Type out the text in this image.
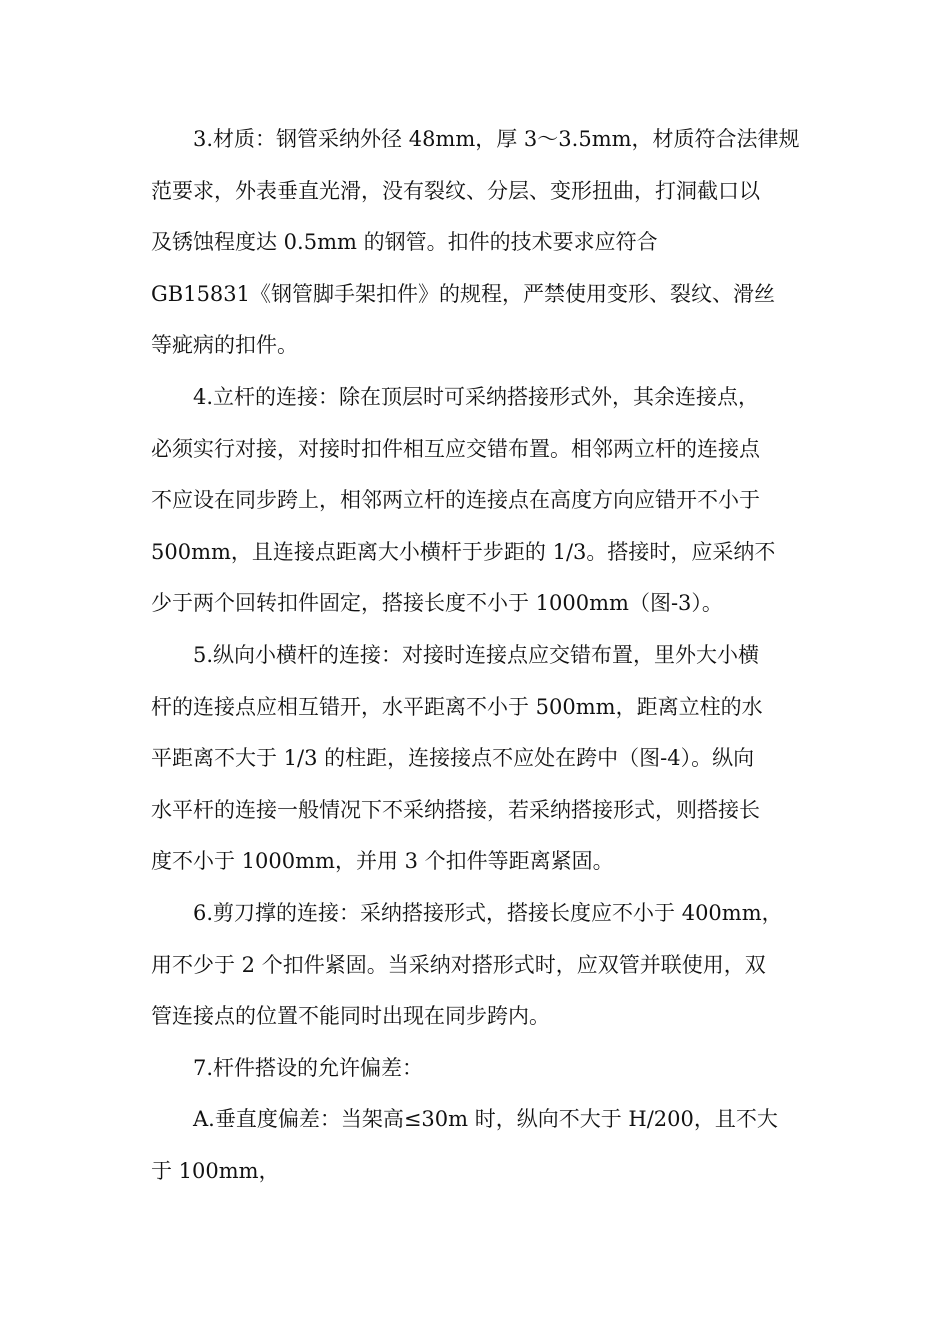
3.材质：钢管采纳外径 48mm，厚 3～3.5mm，材质符合法律规
范要求，外表垂直光滑，没有裂纹、分层、变形扭曲，打洞截口以
及锈蚀程度达 0.5mm 的钢管。扣件的技术要求应符合
GB15831《钢管脚手架扣件》的规程，严禁使用变形、裂纹、滑丝
等疵病的扣件。

4.立杆的连接：除在顶层时可采纳搭接形式外，其余连接点，
必须实行对接，对接时扣件相互应交错布置。相邻两立杆的连接点
不应设在同步跨上，相邻两立杆的连接点在高度方向应错开不小于
500mm，且连接点距离大小横杆于步距的 1/3。搭接时，应采纳不
少于两个回转扣件固定，搭接长度不小于 1000mm（图-3）。

5.纵向小横杆的连接：对接时连接点应交错布置，里外大小横
杆的连接点应相互错开，水平距离不小于 500mm，距离立柱的水
平距离不大于 1/3 的柱距，连接接点不应处在跨中（图-4）。纵向
水平杆的连接一般情况下不采纳搭接，若采纳搭接形式，则搭接长
度不小于 1000mm，并用 3 个扣件等距离紧固。

6.剪刀撑的连接：采纳搭接形式，搭接长度应不小于 400mm，
用不少于 2 个扣件紧固。当采纳对搭形式时，应双管并联使用，双
管连接点的位置不能同时出现在同步跨内。

7.杆件搭设的允许偏差：

A.垂直度偏差：当架高≤30m 时，纵向不大于 H/200，且不大
于 100mm，
